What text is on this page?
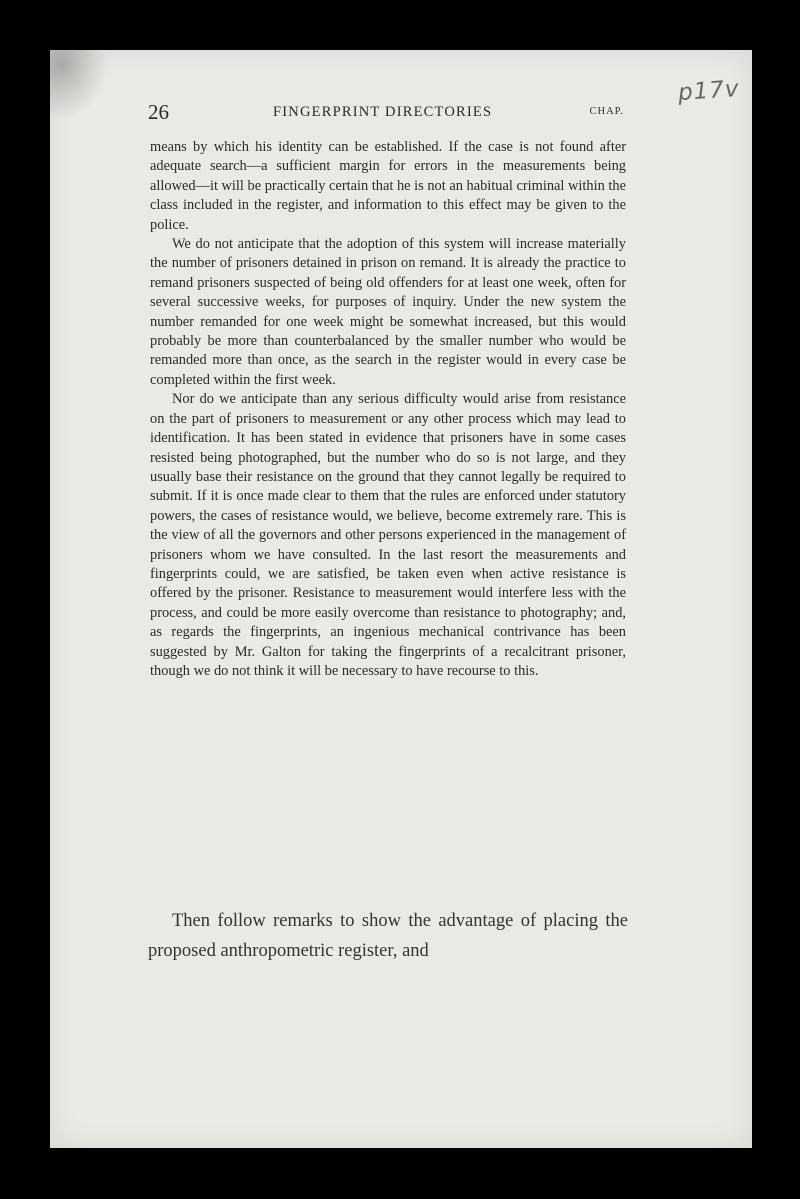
p17v
26	FINGERPRINT DIRECTORIES	CHAP.

means by which his identity can be established. If the case is not found after adequate search—a sufficient margin for errors in the measurements being allowed—it will be practically certain that he is not an habitual criminal within the class included in the register, and information to this effect may be given to the police.

We do not anticipate that the adoption of this system will increase materially the number of prisoners detained in prison on remand. It is already the practice to remand prisoners suspected of being old offenders for at least one week, often for several successive weeks, for purposes of inquiry. Under the new system the number remanded for one week might be somewhat increased, but this would probably be more than counterbalanced by the smaller number who would be remanded more than once, as the search in the register would in every case be completed within the first week.

Nor do we anticipate than any serious difficulty would arise from resistance on the part of prisoners to measurement or any other process which may lead to identification. It has been stated in evidence that prisoners have in some cases resisted being photographed, but the number who do so is not large, and they usually base their resistance on the ground that they cannot legally be required to submit. If it is once made clear to them that the rules are enforced under statutory powers, the cases of resistance would, we believe, become extremely rare. This is the view of all the governors and other persons experienced in the management of prisoners whom we have consulted. In the last resort the measurements and fingerprints could, we are satisfied, be taken even when active resistance is offered by the prisoner. Resistance to measurement would interfere less with the process, and could be more easily overcome than resistance to photography; and, as regards the fingerprints, an ingenious mechanical contrivance has been suggested by Mr. Galton for taking the fingerprints of a recalcitrant prisoner, though we do not think it will be necessary to have recourse to this.

Then follow remarks to show the advantage of placing the proposed anthropometric register, and
